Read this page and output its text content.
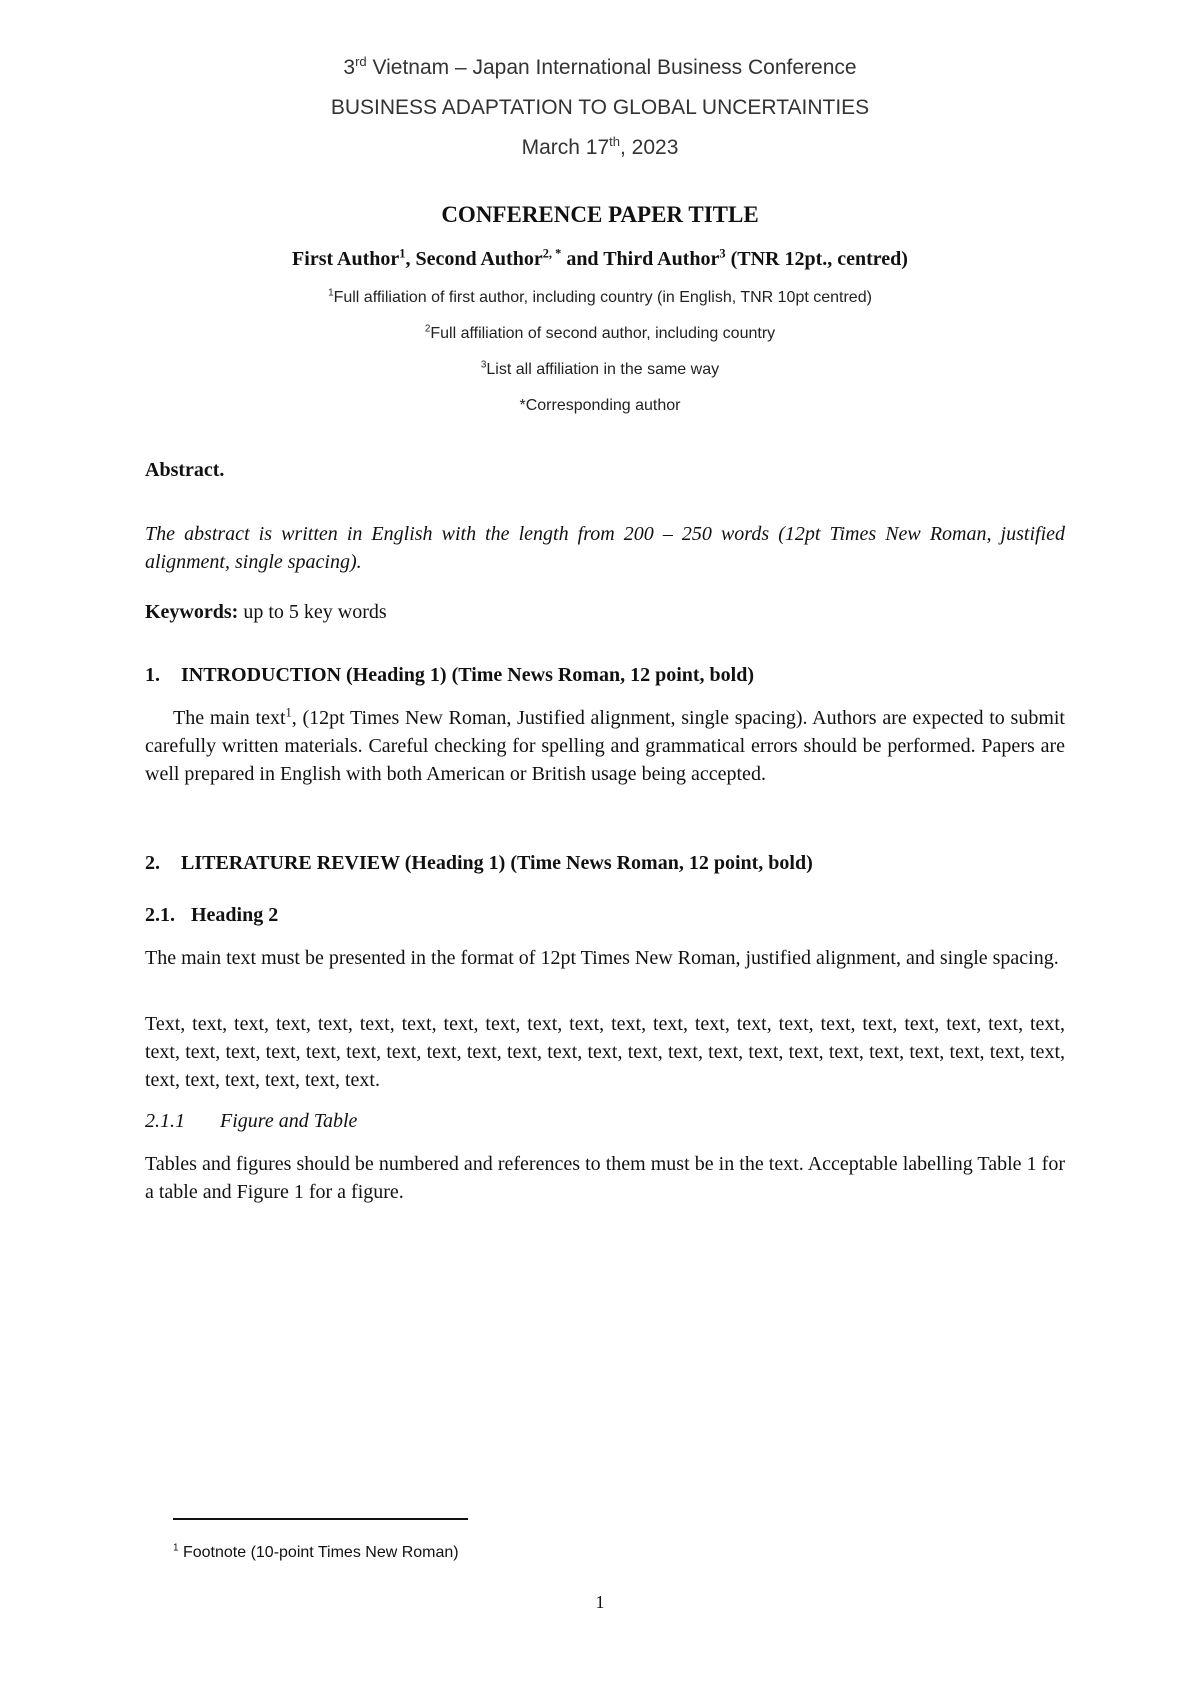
3rd Vietnam – Japan International Business Conference
BUSINESS ADAPTATION TO GLOBAL UNCERTAINTIES
March 17th, 2023
CONFERENCE PAPER TITLE
First Author$^1$, Second Author$^{2, *}$ and Third Author$^3$ (TNR 12pt., centred)
$^1$Full affiliation of first author, including country (in English, TNR 10pt centred)
$^2$Full affiliation of second author, including country
$^3$List all affiliation in the same way
*Corresponding author
Abstract.
The abstract is written in English with the length from 200 – 250 words (12pt Times New Roman, justified alignment, single spacing).
Keywords: up to 5 key words
1. INTRODUCTION (Heading 1) (Time News Roman, 12 point, bold)
The main text$^1$, (12pt Times New Roman, Justified alignment, single spacing). Authors are expected to submit carefully written materials. Careful checking for spelling and grammatical errors should be performed. Papers are well prepared in English with both American or British usage being accepted.
2. LITERATURE REVIEW (Heading 1) (Time News Roman, 12 point, bold)
2.1. Heading 2
The main text must be presented in the format of 12pt Times New Roman, justified alignment, and single spacing.
Text, text, text, text, text, text, text, text, text, text, text, text, text, text, text, text, text, text, text, text, text, text, text, text, text, text, text, text, text, text, text, text, text, text, text, text, text, text, text, text, text, text, text, text, text, text, text, text, text, text, text.
2.1.1 Figure and Table
Tables and figures should be numbered and references to them must be in the text. Acceptable labelling Table 1 for a table and Figure 1 for a figure.
$^1$ Footnote (10-point Times New Roman)
1
